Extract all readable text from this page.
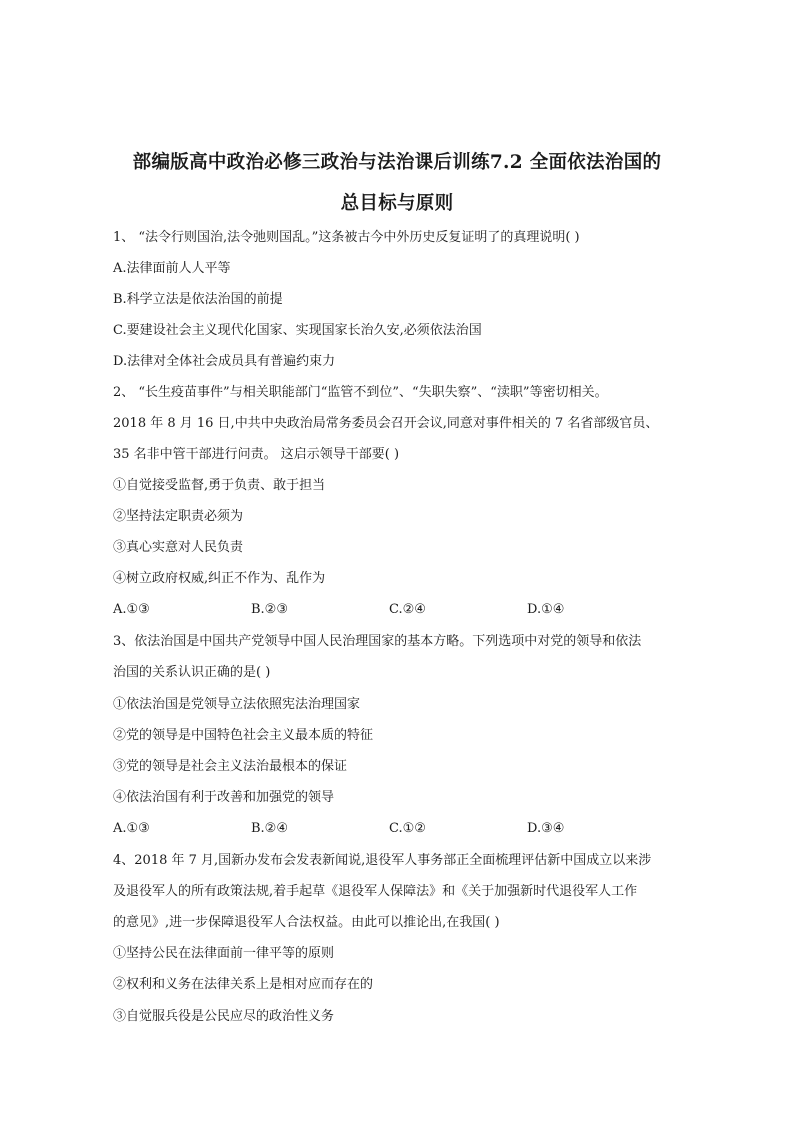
部编版高中政治必修三政治与法治课后训练7.2 全面依法治国的
总目标与原则
1、 “法令行则国治,法令弛则国乱。”这条被古今中外历史反复证明了的真理说明( )
A.法律面前人人平等
B.科学立法是依法治国的前提
C.要建设社会主义现代化国家、实现国家长治久安,必须依法治国
D.法律对全体社会成员具有普遍约束力
2、 “长生疫苗事件”与相关职能部门“监管不到位”、“失职失察”、“渎职”等密切相关。
2018 年 8 月 16 日,中共中央政治局常务委员会召开会议,同意对事件相关的 7 名省部级官员、
35 名非中管干部进行问责。 这启示领导干部要( )
①自觉接受监督,勇于负责、敢于担当
②坚持法定职责必须为
③真心实意对人民负责
④树立政府权威,纠正不作为、乱作为
A.①③	B.②③	C.②④	D.①④
3、依法治国是中国共产党领导中国人民治理国家的基本方略。下列选项中对党的领导和依法
治国的关系认识正确的是( )
①依法治国是党领导立法依照宪法治理国家
②党的领导是中国特色社会主义最本质的特征
③党的领导是社会主义法治最根本的保证
④依法治国有利于改善和加强党的领导
A.①③	B.②④	C.①②	D.③④
4、2018 年 7 月,国新办发布会发表新闻说,退役军人事务部正全面梳理评估新中国成立以来涉
及退役军人的所有政策法规,着手起草《退役军人保障法》和《关于加强新时代退役军人工作
的意见》,进一步保障退役军人合法权益。由此可以推论出,在我国( )
①坚持公民在法律面前一律平等的原则
②权利和义务在法律关系上是相对应而存在的
③自觉服兵役是公民应尽的政治性义务
